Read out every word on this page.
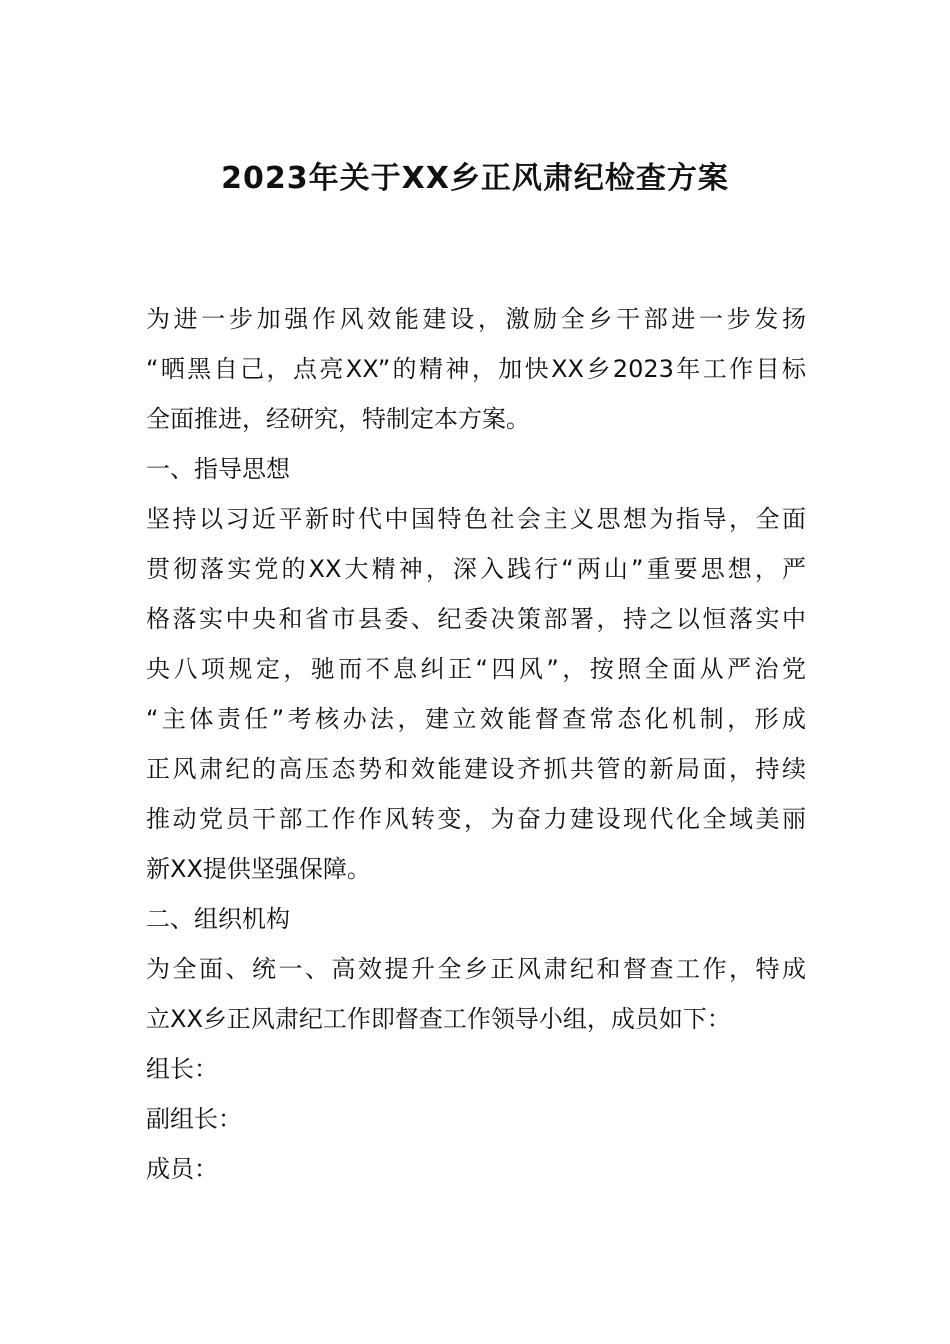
2023年关于XX乡正风肃纪检查方案
为进一步加强作风效能建设，激励全乡干部进一步发扬
“晒黑自己，点亮XX”的精神，加快XX乡2023年工作目标
全面推进，经研究，特制定本方案。
一、指导思想
坚持以习近平新时代中国特色社会主义思想为指导，全面
贯彻落实党的XX大精神，深入践行“两山”重要思想，严
格落实中央和省市县委、纪委决策部署，持之以恒落实中
央八项规定，驰而不息纠正“四风”，按照全面从严治党
“主体责任”考核办法，建立效能督查常态化机制，形成
正风肃纪的高压态势和效能建设齐抓共管的新局面，持续
推动党员干部工作作风转变，为奋力建设现代化全域美丽
新XX提供坚强保障。
二、组织机构
为全面、统一、高效提升全乡正风肃纪和督查工作，特成
立XX乡正风肃纪工作即督查工作领导小组，成员如下：
组长：
副组长：
成员：
